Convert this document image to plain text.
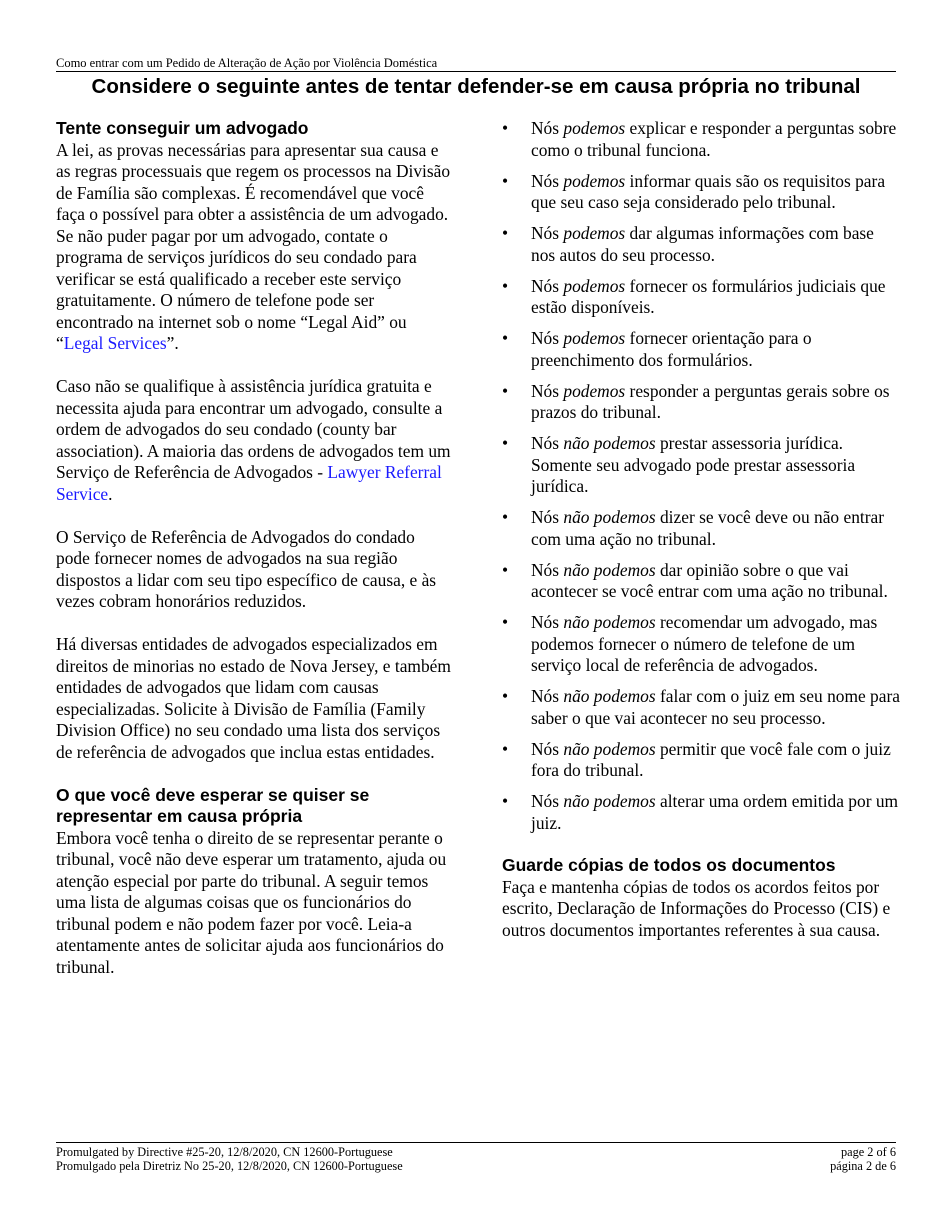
Como entrar com um Pedido de Alteração de Ação por Violência Doméstica
Considere o seguinte antes de tentar defender-se em causa própria no tribunal
Tente conseguir um advogado

A lei, as provas necessárias para apresentar sua causa e as regras processuais que regem os processos na Divisão de Família são complexas. É recomendável que você faça o possível para obter a assistência de um advogado. Se não puder pagar por um advogado, contate o programa de serviços jurídicos do seu condado para verificar se está qualificado a receber este serviço gratuitamente. O número de telefone pode ser encontrado na internet sob o nome “Legal Aid” ou “Legal Services”.

Caso não se qualifique à assistência jurídica gratuita e necessita ajuda para encontrar um advogado, consulte a ordem de advogados do seu condado (county bar association). A maioria das ordens de advogados tem um Serviço de Referência de Advogados - Lawyer Referral Service.

O Serviço de Referência de Advogados do condado pode fornecer nomes de advogados na sua região dispostos a lidar com seu tipo específico de causa, e às vezes cobram honorários reduzidos.

Há diversas entidades de advogados especializados em direitos de minorias no estado de Nova Jersey, e também entidades de advogados que lidam com causas especializadas. Solicite à Divisão de Família (Family Division Office) no seu condado uma lista dos serviços de referência de advogados que inclua estas entidades.

O que você deve esperar se quiser se representar em causa própria

Embora você tenha o direito de se representar perante o tribunal, você não deve esperar um tratamento, ajuda ou atenção especial por parte do tribunal. A seguir temos uma lista de algumas coisas que os funcionários do tribunal podem e não podem fazer por você. Leia-a atentamente antes de solicitar ajuda aos funcionários do tribunal.

• Nós podemos explicar e responder a perguntas sobre como o tribunal funciona.
• Nós podemos informar quais são os requisitos para que seu caso seja considerado pelo tribunal.
• Nós podemos dar algumas informações com base nos autos do seu processo.
• Nós podemos fornecer os formulários judiciais que estão disponíveis.
• Nós podemos fornecer orientação para o preenchimento dos formulários.
• Nós podemos responder a perguntas gerais sobre os prazos do tribunal.
• Nós não podemos prestar assessoria jurídica. Somente seu advogado pode prestar assessoria jurídica.
• Nós não podemos dizer se você deve ou não entrar com uma ação no tribunal.
• Nós não podemos dar opinião sobre o que vai acontecer se você entrar com uma ação no tribunal.
• Nós não podemos recomendar um advogado, mas podemos fornecer o número de telefone de um serviço local de referência de advogados.
• Nós não podemos falar com o juiz em seu nome para saber o que vai acontecer no seu processo.
• Nós não podemos permitir que você fale com o juiz fora do tribunal.
• Nós não podemos alterar uma ordem emitida por um juiz.
Guarde cópias de todos os documentos

Faça e mantenha cópias de todos os acordos feitos por escrito, Declaração de Informações do Processo (CIS) e outros documentos importantes referentes à sua causa.

Promulgated by Directive #25-20, 12/8/2020, CN 12600-Portuguese	page 2 of 6
Promulgado pela Diretriz No 25-20, 12/8/2020, CN 12600-Portuguese	página 2 de 6
